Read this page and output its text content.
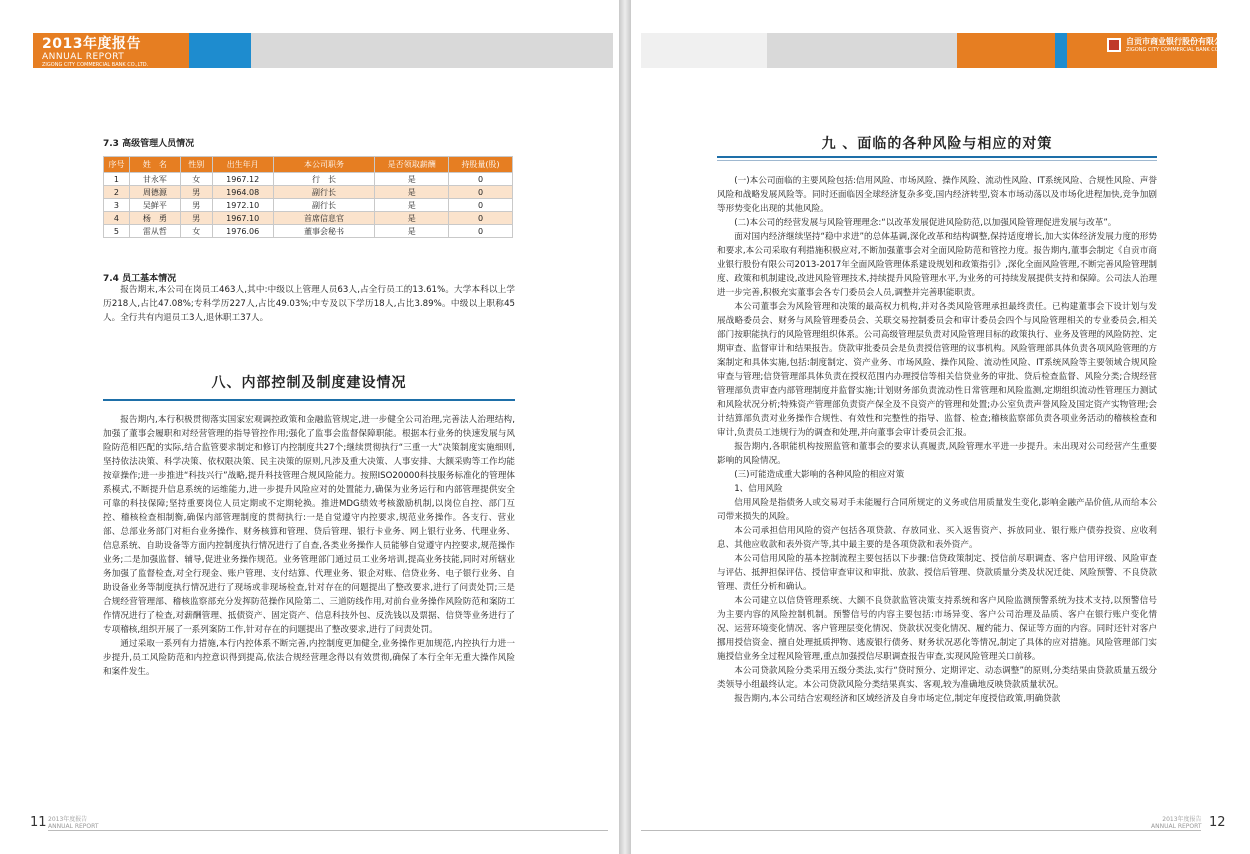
2013年度报告
ANNUAL REPORT
ZIGONG CITY COMMERCIAL BANK CO.,LTD.
7.3 高级管理人员情况
序号	姓　名	性别	出生年月	本公司职务	是否领取薪酬	持股量(股)
1	甘永军	女	1967.12	行　长	是	0
2	周德源	男	1964.08	副行长	是	0
3	吴鲜平	男	1972.10	副行长	是	0
4	杨　勇	男	1967.10	首席信息官	是	0
5	雷从哲	女	1976.06	董事会秘书	是	0
7.4 员工基本情况

报告期末,本公司在岗员工463人,其中:中级以上管理人员63人,占全行员工的13.61%。大学本科以上学历218人,占比47.08%;专科学历227人,占比49.03%;中专及以下学历18人,占比3.89%。中级以上职称45人。全行共有内退员工3人,退休职工37人。

八、内部控制及制度建设情况

报告期内,本行积极贯彻落实国家宏观调控政策和金融监管规定,进一步健全公司治理,完善法人治理结构,加强了董事会履职和对经营管理的指导管控作用;强化了监事会监督保障职能。根据本行业务的快速发展与风险防范相匹配的实际,结合监管要求制定和修订内控制度共27个;继续贯彻执行“三重一大”决策制度实施细则,坚持依法决策、科学决策、依权限决策、民主决策的原则,凡涉及重大决策、人事安排、大额采购等工作均能按章操作;进一步推进“科技兴行”战略,提升科技管理合规风险能力。按照ISO20000科技服务标准化的管理体系模式,不断提升信息系统的运维能力,进一步提升风险应对的处置能力,确保为业务运行和内部管理提供安全可靠的科技保障;坚持重要岗位人员定期或不定期轮换。推进MDG绩效考核激励机制,以岗位自控、部门互控、稽核检查相制衡,确保内部管理制度的贯彻执行:一是自觉遵守内控要求,规范业务操作。各支行、营业部、总部业务部门对柜台业务操作、财务核算和管理、贷后管理、银行卡业务、网上银行业务、代理业务、信息系统、自助设备等方面内控制度执行情况进行了自查,各类业务操作人员能够自觉遵守内控要求,规范操作业务;二是加强监督、辅导,促进业务操作规范。业务管理部门通过员工业务培训,提高业务技能,同时对所辖业务加强了监督检查,对全行现金、账户管理、支付结算、代理业务、银企对账、信贷业务、电子银行业务、自助设备业务等制度执行情况进行了现场或非现场检查,针对存在的问题提出了整改要求,进行了问责处罚;三是合规经营管理部、稽核监察部充分发挥防范操作风险第二、三道防线作用,对前台业务操作风险防范和案防工作情况进行了检查,对薪酬管理、抵债资产、固定资产、信息科技外包、反洗钱以及票据、信贷等业务进行了专项稽核,组织开展了一系列案防工作,针对存在的问题提出了整改要求,进行了问责处罚。

通过采取一系列有力措施,本行内控体系不断完善,内控制度更加健全,业务操作更加规范,内控执行力进一步提升,员工风险防范和内控意识得到提高,依法合规经营理念得以有效贯彻,确保了本行全年无重大操作风险和案件发生。

11 2013年度报告
ANNUAL REPORT
自贡市商业银行股份有限公司
ZIGONG CITY COMMERCIAL BANK CO.,LTD.
九 、面临的各种风险与相应的对策

(一)本公司面临的主要风险包括:信用风险、市场风险、操作风险、流动性风险、IT系统风险、合规性风险、声誉风险和战略发展风险等。同时还面临因全球经济复杂多变,国内经济转型,资本市场动荡以及市场化进程加快,竞争加剧等形势变化出现的其他风险。

(二)本公司的经营发展与风险管理理念:“以改革发展促进风险防范,以加强风险管理促进发展与改革”。

面对国内经济继续坚持“稳中求进”的总体基调,深化改革和结构调整,保持适度增长,加大实体经济发展力度的形势和要求,本公司采取有利措施积极应对,不断加强董事会对全面风险防范和管控力度。报告期内,董事会制定《自贡市商业银行股份有限公司2013-2017年全面风险管理体系建设规划和政策指引》,深化全面风险管理,不断完善风险管理制度、政策和机制建设,改进风险管理技术,持续提升风险管理水平,为业务的可持续发展提供支持和保障。公司法人治理进一步完善,积极充实董事会各专门委员会人员,调整并完善职能职责。

本公司董事会为风险管理和决策的最高权力机构,并对各类风险管理承担最终责任。已构建董事会下设计划与发展战略委员会、财务与风险管理委员会、关联交易控制委员会和审计委员会四个与风险管理相关的专业委员会,相关部门按职能执行的风险管理组织体系。公司高级管理层负责对风险管理目标的政策执行、业务及管理的风险防控、定期审查、监督审计和结果报告。贷款审批委员会是负责授信管理的议事机构。风险管理部具体负责各项风险管理的方案制定和具体实施,包括:制度制定、资产业务、市场风险、操作风险、流动性风险、IT系统风险等主要领域合规风险审查与管理;信贷管理部具体负责在授权范围内办理授信等相关信贷业务的审批、贷后检查监督、风险分类;合规经营管理部负责审查内部管理制度并监督实施;计划财务部负责流动性日常管理和风险监测,定期组织流动性管理压力测试和风险状况分析;特殊资产管理部负责资产保全及不良资产的管理和处置;办公室负责声誉风险及国定资产实物管理;会计结算部负责对业务操作合规性、有效性和完整性的指导、监督、检查;稽核监察部负责各项业务活动的稽核检查和审计,负责员工违规行为的调查和处理,并向董事会审计委员会汇报。

报告期内,各职能机构按照监管和董事会的要求认真履责,风险管理水平进一步提升。未出现对公司经营产生重要影响的风险情况。

(三)可能造成重大影响的各种风险的相应对策

1、信用风险

信用风险是指债务人或交易对手未能履行合同所规定的义务或信用质量发生变化,影响金融产品价值,从而给本公司带来损失的风险。

本公司承担信用风险的资产包括各项贷款、存放同业、买入返售资产、拆放同业、银行账户债券投资、应收利息、其他应收款和表外资产等,其中最主要的是各项贷款和表外资产。

本公司信用风险的基本控制流程主要包括以下步骤:信贷政策制定、授信前尽职调查、客户信用评级、风险审查与评估、抵押担保评估、授信审查审议和审批、放款、授信后管理、贷款质量分类及状况迁徙、风险预警、不良贷款管理、责任分析和确认。

本公司建立以信贷管理系统、大额不良贷款监管决策支持系统和客户风险监测预警系统为技术支持,以预警信号为主要内容的风险控制机制。预警信号的内容主要包括:市场异变、客户公司治理及品质、客户在银行账户变化情况、运营环境变化情况、客户管理层变化情况、贷款状况变化情况、履约能力、保证等方面的内容。同时还针对客户挪用授信资金、擅自处理抵质押物、逃废银行债务、财务状况恶化等情况,制定了具体的应对措施。风险管理部门实施授信业务全过程风险管理,重点加强授信尽职调查报告审查,实现风险管理关口前移。

本公司贷款风险分类采用五级分类法,实行“贷时预分、定期评定、动态调整”的原则,分类结果由贷款质量五级分类领导小组最终认定。本公司贷款风险分类结果真实、客观,较为准确地反映贷款质量状况。

报告期内,本公司结合宏观经济和区域经济及自身市场定位,制定年度授信政策,明确贷款

12
2013年度报告
ANNUAL REPORT
